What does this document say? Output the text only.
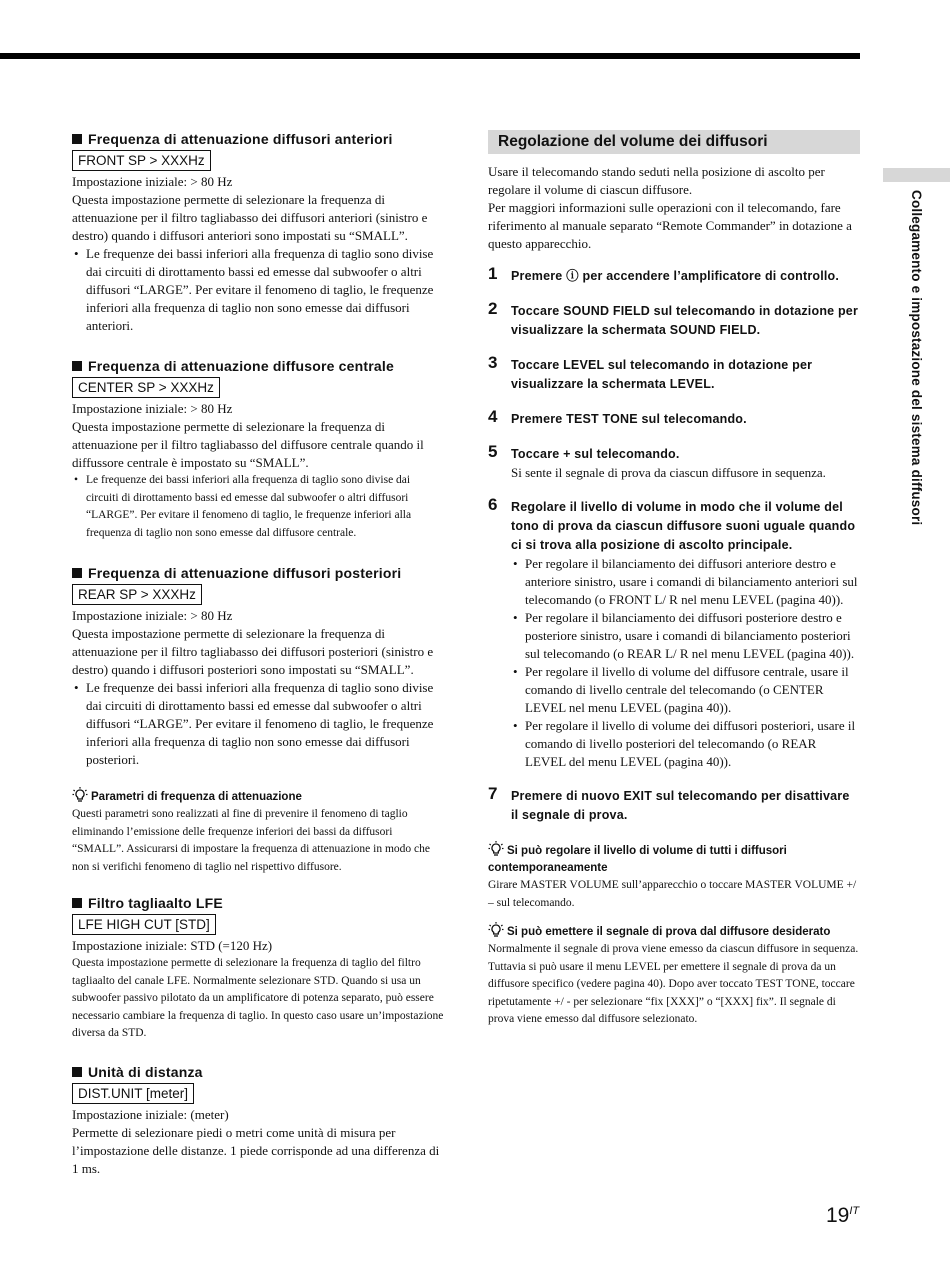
Collegamento e impostazione del sistema diffusori
Frequenza di attenuazione diffusori anteriori
FRONT SP > XXXHz

Impostazione iniziale: > 80 Hz

Questa impostazione permette di selezionare la frequenza di attenuazione per il filtro tagliabasso dei diffusori anteriori (sinistro e destro) quando i diffusori anteriori sono impostati su “SMALL”.

• Le frequenze dei bassi inferiori alla frequenza di taglio sono divise dai circuiti di dirottamento bassi ed emesse dal subwoofer o altri diffusori “LARGE”. Per evitare il fenomeno di taglio, le frequenze inferiori alla frequenza di taglio non sono emesse dai diffusori anteriori.
Frequenza di attenuazione diffusore centrale
CENTER SP > XXXHz

Impostazione iniziale: > 80 Hz

Questa impostazione permette di selezionare la frequenza di attenuazione per il filtro tagliabasso del diffusore centrale quando il diffussore centrale è impostato su “SMALL”.

• Le frequenze dei bassi inferiori alla frequenza di taglio sono divise dai circuiti di dirottamento bassi ed emesse dal subwoofer o altri diffusori “LARGE”. Per evitare il fenomeno di taglio, le frequenze inferiori alla frequenza di taglio non sono emesse dal diffusore centrale.
Frequenza di attenuazione diffusori posteriori
REAR SP > XXXHz

Impostazione iniziale: > 80 Hz

Questa impostazione permette di selezionare la frequenza di attenuazione per il filtro tagliabasso dei diffusori posteriori (sinistro e destro) quando i diffusori posteriori sono impostati su “SMALL”.

• Le frequenze dei bassi inferiori alla frequenza di taglio sono divise dai circuiti di dirottamento bassi ed emesse dal subwoofer o altri diffusori “LARGE”. Per evitare il fenomeno di taglio, le frequenze inferiori alla frequenza di taglio non sono emesse dai diffusori posteriori.
Parametri di frequenza di attenuazione

Questi parametri sono realizzati al fine di prevenire il fenomeno di taglio eliminando l’emissione delle frequenze inferiori dei bassi da diffusori “SMALL”. Assicurarsi di impostare la frequenza di attenuazione in modo che non si verifichi fenomeno di taglio nel rispettivo diffusore.

Filtro tagliaalto LFE
LFE HIGH CUT [STD]

Impostazione iniziale: STD (=120 Hz)

Questa impostazione permette di selezionare la frequenza di taglio del filtro tagliaalto del canale LFE. Normalmente selezionare STD. Quando si usa un subwoofer passivo pilotato da un amplificatore di potenza separato, può essere necessario cambiare la frequenza di taglio. In questo caso usare un’impostazione diversa da STD.

Unità di distanza
DIST.UNIT [meter]

Impostazione iniziale: (meter)

Permette di selezionare piedi o metri come unità di misura per l’impostazione delle distanze. 1 piede corrisponde ad una differenza di 1 ms.

Regolazione del volume dei diffusori

Usare il telecomando stando seduti nella posizione di ascolto per regolare il volume di ciascun diffusore.

Per maggiori informazioni sulle operazioni con il telecomando, fare riferimento al manuale separato “Remote Commander” in dotazione a questo apparecchio.

1 Premere ⓘ per accendere l’amplificatore di controllo.
2 Toccare SOUND FIELD sul telecomando in dotazione per visualizzare la schermata SOUND FIELD.
3 Toccare LEVEL sul telecomando in dotazione per visualizzare la schermata LEVEL.
4 Premere TEST TONE sul telecomando.
5 Toccare + sul telecomando.

Si sente il segnale di prova da ciascun diffusore in sequenza.

6 Regolare il livello di volume in modo che il volume del tono di prova da ciascun diffusore suoni uguale quando ci si trova alla posizione di ascolto principale.
• Per regolare il bilanciamento dei diffusori anteriore destro e anteriore sinistro, usare i comandi di bilanciamento anteriori sul telecomando (o FRONT L/ R nel menu LEVEL (pagina 40)).
• Per regolare il bilanciamento dei diffusori posteriore destro e posteriore sinistro, usare i comandi di bilanciamento posteriori sul telecomando (o REAR L/ R nel menu LEVEL (pagina 40)).
• Per regolare il livello di volume del diffusore centrale, usare il comando di livello centrale del telecomando (o CENTER LEVEL nel menu LEVEL (pagina 40)).
• Per regolare il livello di volume dei diffusori posteriori, usare il comando di livello posteriori del telecomando (o REAR LEVEL del menu LEVEL (pagina 40)).
7 Premere di nuovo EXIT sul telecomando per disattivare il segnale di prova.
Si può regolare il livello di volume di tutti i diffusori contemporaneamente

Girare MASTER VOLUME sull’apparecchio o toccare MASTER VOLUME +/ – sul telecomando.

Si può emettere il segnale di prova dal diffusore desiderato

Normalmente il segnale di prova viene emesso da ciascun diffusore in sequenza. Tuttavia si può usare il menu LEVEL per emettere il segnale di prova da un diffusore specifico (vedere pagina 40). Dopo aver toccato TEST TONE, toccare ripetutamente +/ - per selezionare “fix [XXX]” o “[XXX] fix”. Il segnale di prova viene emesso dal diffusore selezionato.

$19^{IT}$
